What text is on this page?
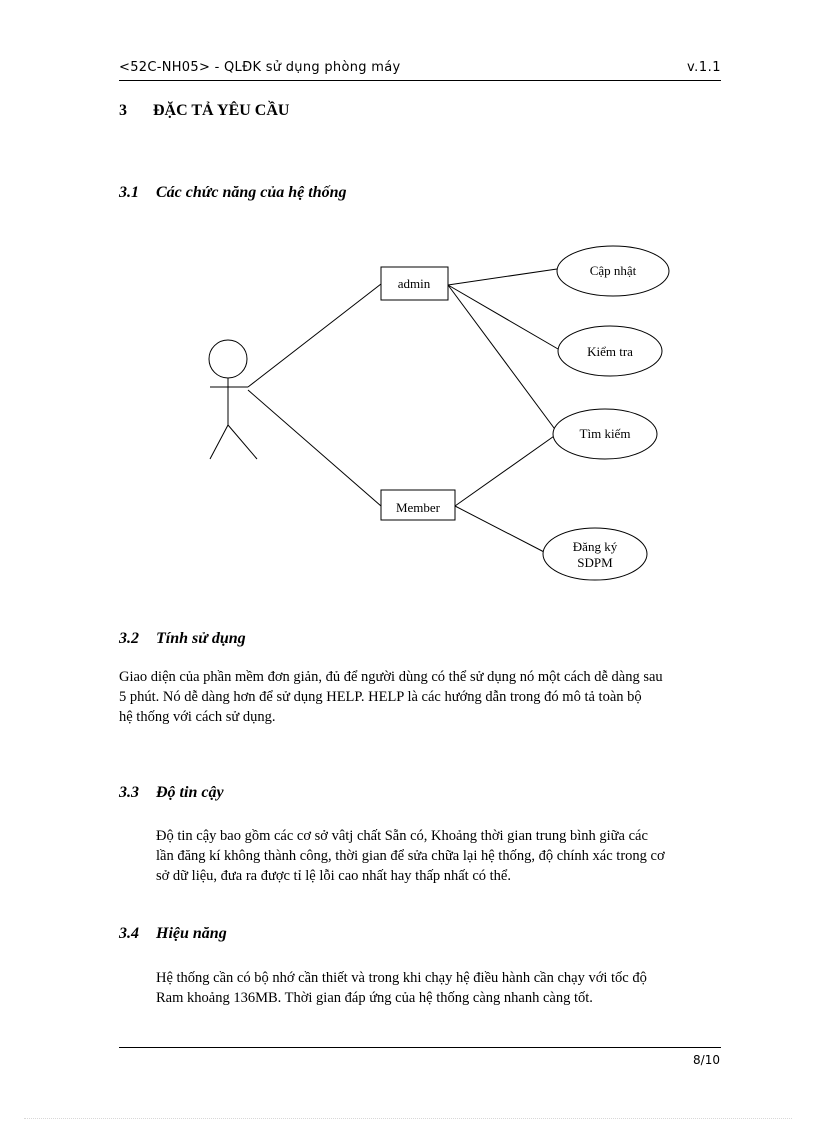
<52C-NH05> - QLĐK sử dụng phòng máy	v.1.1
3 ĐẶC TẢ YÊU CẦU
3.1 Các chức năng của hệ thống
admin
Member
Cập nhật
Kiểm tra
Tìm kiếm
Đăng ký
SDPM
3.2 Tính sử dụng
Giao diện của phần mềm đơn giản, đủ để người dùng có thể sử dụng nó một cách dễ dàng sau
5 phút. Nó dễ dàng hơn để sử dụng HELP. HELP là các hướng dẫn trong đó mô tả toàn bộ
hệ thống với cách sử dụng.
3.3 Độ tin cậy
Độ tin cậy bao gồm các cơ sở vâtj chất Sẵn có, Khoảng thời gian trung bình giữa các
lần đăng kí không thành công, thời gian để sửa chữa lại hệ thống, độ chính xác trong cơ
sở dữ liệu, đưa ra được tỉ lệ lỗi cao nhất hay thấp nhất có thể.
3.4 Hiệu năng
Hệ thống cần có bộ nhớ cần thiết và trong khi chạy hệ điều hành cần chạy với tốc độ
Ram khoảng 136MB. Thời gian đáp ứng của hệ thống càng nhanh càng tốt.
8/10
